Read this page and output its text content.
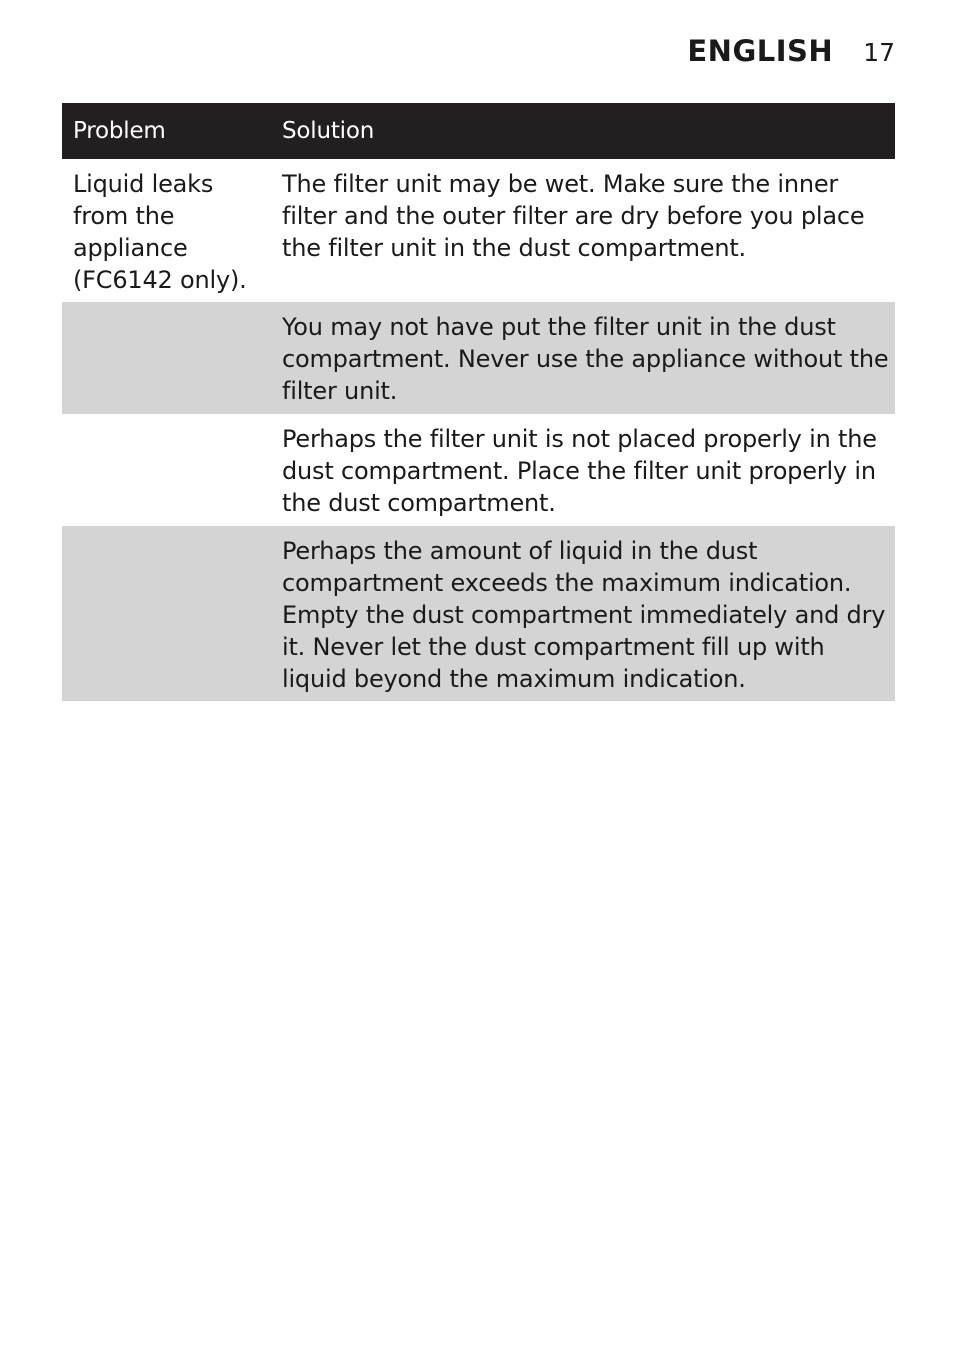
ENGLISH 17
Problem	Solution
Liquid leaks from the appliance (FC6142 only).
The filter unit may be wet. Make sure the inner filter and the outer filter are dry before you place the filter unit in the dust compartment.
You may not have put the filter unit in the dust compartment. Never use the appliance without the filter unit.
Perhaps the filter unit is not placed properly in the dust compartment. Place the filter unit properly in the dust compartment.
Perhaps the amount of liquid in the dust compartment exceeds the maximum indication. Empty the dust compartment immediately and dry it. Never let the dust compartment fill up with liquid beyond the maximum indication.
